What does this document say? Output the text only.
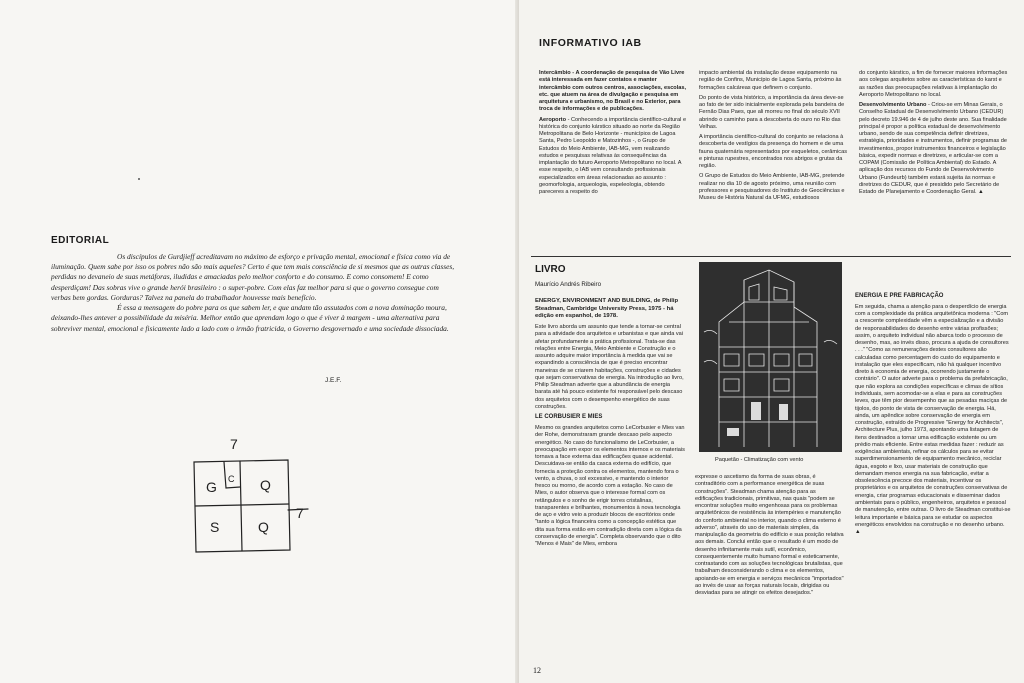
EDITORIAL

Os discípulos de Gurdjieff acreditavam no máximo de esforço e privação mental, emocional e física como via de iluminação. Quem sabe por isso os pobres não são mais aqueles? Certo é que tem mais consciência de si mesmos que as outras classes, perdidas no devaneio de suas metáforas, iludidas e amaciadas pelo melhor conforto e do consumo. E como consomem! E como desperdiçam! Das sobras vive o grande herói brasileiro : o super-pobre. Com elas faz melhor para si que o governo consegue com verbas bem gordas. Gorduras? Talvez na panela do trabalhador houvesse mais benefício.

É essa a mensagem do pobre para os que sabem ler, e que andam tão assutados com a nova dominação moura, deixando-lhes antever a possibilidade da miséria. Melhor então que aprendam logo o que é viver à margem - uma alternativa para sobreviver mental, emocional e fisicamente lado a lado com o irmão fratricida, o Governo desgovernado e uma sociedade dissociada.

J.E.F.
7
7
G C Q
S	Q
INFORMATIVO IAB

Intercâmbio - A coordenação de pesquisa de Vão Livre está interessada em fazer contatos e manter intercâmbio com outros centros, associações, escolas, etc. que atuem na área de divulgação e pesquisa em arquitetura e urbanismo, no Brasil e no Exterior, para troca de informações e de publicações.

Aeroporto - Conhecendo a importância científico-cultural e histórica do conjunto kárstico situado ao norte da Região Metropolitana de Belo Horizonte - municípios de Lagoa Santa, Pedro Leopoldo e Matozinhos -, o Grupo de Estudos do Meio Ambiente, IAB-MG, vem realizando estudos e pesquisas relativas às consequências da implantação do futuro Aeroporto Metropolitano no local. A esse respeito, o IAB vem consultando profissionais especializados em áreas relacionadas ao assunto : geomorfologia, arqueologia, espeleologia, obtendo pareceres a respeito do

impacto ambiental da instalação desse equipamento na região de Confins, Município de Lagoa Santa, próximo às formações calcáreas que definem o conjunto.

Do ponto de vista histórico, a importância da área deve-se ao fato de ter sido inicialmente explorada pela bandeira de Fernão Dias Paes, que ali morreu no final do século XVII abrindo o caminho para a descoberta do ouro no Rio das Velhas.

A importância científico-cultural do conjunto se relaciona à descoberta de vestígios da presença do homem e de uma fauna quaternária representados por esqueletos, cerâmicas e pinturas rupestres, encontrados nos abrigos e grutas da região.

O Grupo de Estudos do Meio Ambiente, IAB-MG, pretende realizar no dia 10 de agosto próximo, uma reunião com professores e pesquisadores do Instituto de Geociências e Museu de História Natural da UFMG, estudiosos

do conjunto kárstico, a fim de fornecer maiores informações aos colegas arquitetos sobre as características do karst e as razões das preocupações relativas à implantação do Aeroporto Metropolitano no local.

Desenvolvimento Urbano - Criou-se em Minas Gerais, o Conselho Estadual de Desenvolvimento Urbano (CEDUR) pelo decreto 19.946 de 4 de julho deste ano. Sua finalidade principal é propor a política estadual de desenvolvimento urbano, sendo de sua competência definir diretrizes, estratégia, prioridades e instrumentos, definir programas de investimentos, propor instrumentos financeiros e legislação básica, expedir normas e diretrizes, e articular-se com a COPAM (Comissão de Política Ambiental) do Estado. A aplicação dos recursos do Fundo de Desenvolvimento Urbano (Fundeurb) também estará sujeita às normas e diretrizes do CEDUR, que é presidido pelo Secretário de Estado de Planejamento e Coordenação Geral. ▲

LIVRO
Maurício Andrés Ribeiro

ENERGY, ENVIRONMENT AND BUILDING, de Philip Steadman, Cambridge University Press, 1975 - há edição em espanhol, de 1978.

Este livro aborda um assunto que tende a tornar-se central para a atividade dos arquitetos e urbanistas e que ainda vai afetar profundamente a prática profissional. Trata-se das relações entre Energia, Meio Ambiente e Construção e o assunto adquire maior importância à medida que vai se expandindo a consciência de que é preciso encontrar maneiras de se criarem habitações, construções e cidades que sejam conservativas de energia. Na introdução ao livro, Philip Steadman adverte que a abundância de energia barata até há pouco existente foi responsável pelo descaso dos arquitetos com o desempenho energético de suas construções.

LE CORBUSIER E MIES

Mesmo os grandes arquitetos como LeCorbusier e Mies van der Rohe, demonstraram grande descaso pelo aspecto energético. No caso do funcionalismo de LeCorbusier, a preocupação em expor os elementos internos e os materiais tornava a face externa das edificações quase acidental. Descuidava-se então da casca externa do edifício, que fornecia a proteção contra os elementos, mantendo fora o vento, a chuva, o sol excessivo, e mantendo o interior fresco ou morno, de acordo com a estação. No caso de Mies, o autor observa que o interesse formal com os retângulos e o sonho de erigir torres cristalinas, transparentes e brilhantes, monumentos à nova tecnologia de aço e vidro veio a produzir blocos de escritórios onde "tanto a lógica financeira como a concepção estética que dita sua forma estão em contradição direta com a lógica da conservação de energia". Completa observando que o dito "Menos é Mais" de Mies, embora

Paquetão - Climatização com vento

expresse o ascetismo da forma de suas obras, é contraditório com a performance energética de suas construções". Steadman chama atenção para as edificações tradicionais, primitivas, nas quais "podem se encontrar soluções muito engenhosas para os problemas arquitetônicos de resistência às intempéries e manutenção do conforto ambiental no interior, quando o clima externo é adverso", através do uso de materiais simples, da manipulação da geometria do edifício e sua posição relativa aos demais. Conclui então que o resultado é um modo de desenho infinitamente mais sutil, econômico, consequentemente muito humano formal e esteticamente, contrastando com as soluções tecnológicas brutalistas, que trabalham desconsiderando o clima e os elementos, apoiando-se em energia e serviços mecânicos "importados" ao invés de usar as forças naturais locais, dirigidas ou desviadas para se atingir os efeitos desejados."

ENERGIA E PRE FABRICAÇÃO

Em seguida, chama a atenção para o desperdício de energia com a complexidade da prática arquitetônica moderna : "Com a crescente complexidade vêm a especialização e a divisão de responsabilidades do desenho entre várias profissões; assim, o arquiteto individual não abarca todo o processo de desenho, mas, ao invés disso, procura a ajuda de consultores . . ." "Como as remunerações destes consultores são calculadas como percentagem do custo do equipamento e instalação que eles especificam, não há qualquer incentivo direto à economia de energia, ocorrendo justamente o contrário". O autor adverte para o problema da prefabricação, que não explora as condições específicas e climas de sítios individuais, sem acomodar-se a elas e para as construções leves, que têm pior desempenho que as pesadas maciças de tijolos, do ponto de vista de conservação de energia. Há, ainda, um apêndice sobre conservação de energia em construção, extraído de Progressive "Energy for Architects", Architecture Plus, julho 1973, apontando uma listagem de itens destinados a tornar uma edificação existente ou um prédio mais eficiente. Entre estas medidas fazer : reduzir as exigências ambientais, refinar os cálculos para se evitar superdimensionamento de equipamento mecânico, reciclar água, esgoto e lixo, usar materiais de construção que demandam menos energia na sua fabricação, evitar a obsolescência precoce dos materiais, incentivar os proprietários e os arquitetos de construções conservativas de energia, criar programas educacionais e disseminar dados ambientais para o público, engenheiros, arquitetos e pessoal de manutenção, entre outras. O livro de Steadman constitui-se leitura importante e básica para se estudar os aspectos energéticos envolvidos na construção e no desenho urbano. ▲

12
